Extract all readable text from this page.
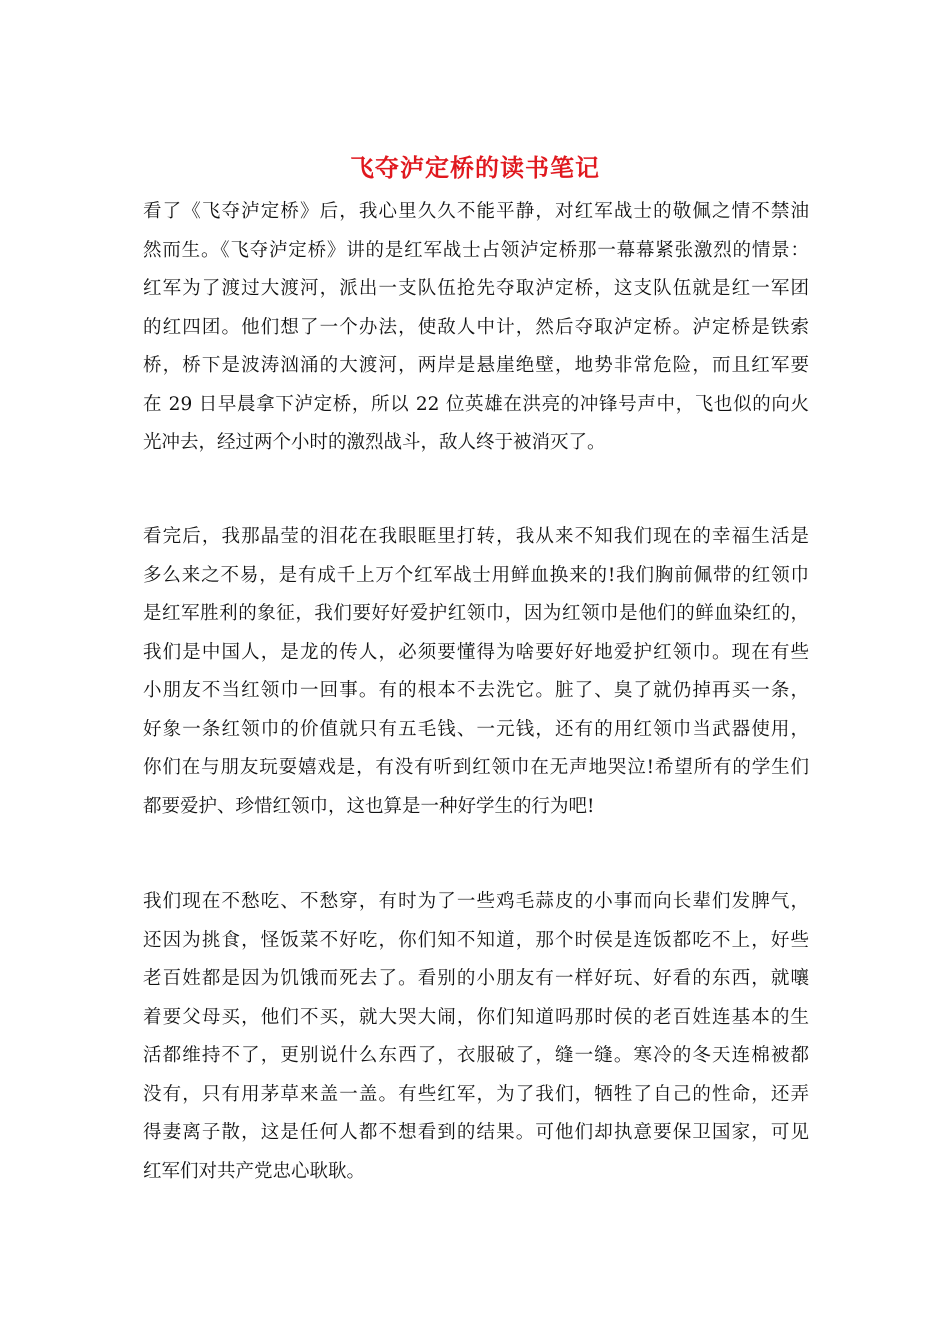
飞夺泸定桥的读书笔记
看了《飞夺泸定桥》后，我心里久久不能平静，对红军战士的敬佩之情不禁油
然而生。《飞夺泸定桥》讲的是红军战士占领泸定桥那一幕幕紧张激烈的情景：
红军为了渡过大渡河，派出一支队伍抢先夺取泸定桥，这支队伍就是红一军团
的红四团。他们想了一个办法，使敌人中计，然后夺取泸定桥。泸定桥是铁索
桥，桥下是波涛汹涌的大渡河，两岸是悬崖绝壁，地势非常危险，而且红军要
在 29 日早晨拿下泸定桥，所以 22 位英雄在洪亮的冲锋号声中，飞也似的向火
光冲去，经过两个小时的激烈战斗，敌人终于被消灭了。
看完后，我那晶莹的泪花在我眼眶里打转，我从来不知我们现在的幸福生活是
多么来之不易，是有成千上万个红军战士用鲜血换来的!我们胸前佩带的红领巾
是红军胜利的象征，我们要好好爱护红领巾，因为红领巾是他们的鲜血染红的，
我们是中国人，是龙的传人，必须要懂得为啥要好好地爱护红领巾。现在有些
小朋友不当红领巾一回事。有的根本不去洗它。脏了、臭了就仍掉再买一条，
好象一条红领巾的价值就只有五毛钱、一元钱，还有的用红领巾当武器使用，
你们在与朋友玩耍嬉戏是，有没有听到红领巾在无声地哭泣!希望所有的学生们
都要爱护、珍惜红领巾，这也算是一种好学生的行为吧!
我们现在不愁吃、不愁穿，有时为了一些鸡毛蒜皮的小事而向长辈们发脾气，
还因为挑食，怪饭菜不好吃，你们知不知道，那个时侯是连饭都吃不上，好些
老百姓都是因为饥饿而死去了。看别的小朋友有一样好玩、好看的东西，就嚷
着要父母买，他们不买，就大哭大闹，你们知道吗那时侯的老百姓连基本的生
活都维持不了，更别说什么东西了，衣服破了，缝一缝。寒冷的冬天连棉被都
没有，只有用茅草来盖一盖。有些红军，为了我们，牺牲了自己的性命，还弄
得妻离子散，这是任何人都不想看到的结果。可他们却执意要保卫国家，可见
红军们对共产党忠心耿耿。
